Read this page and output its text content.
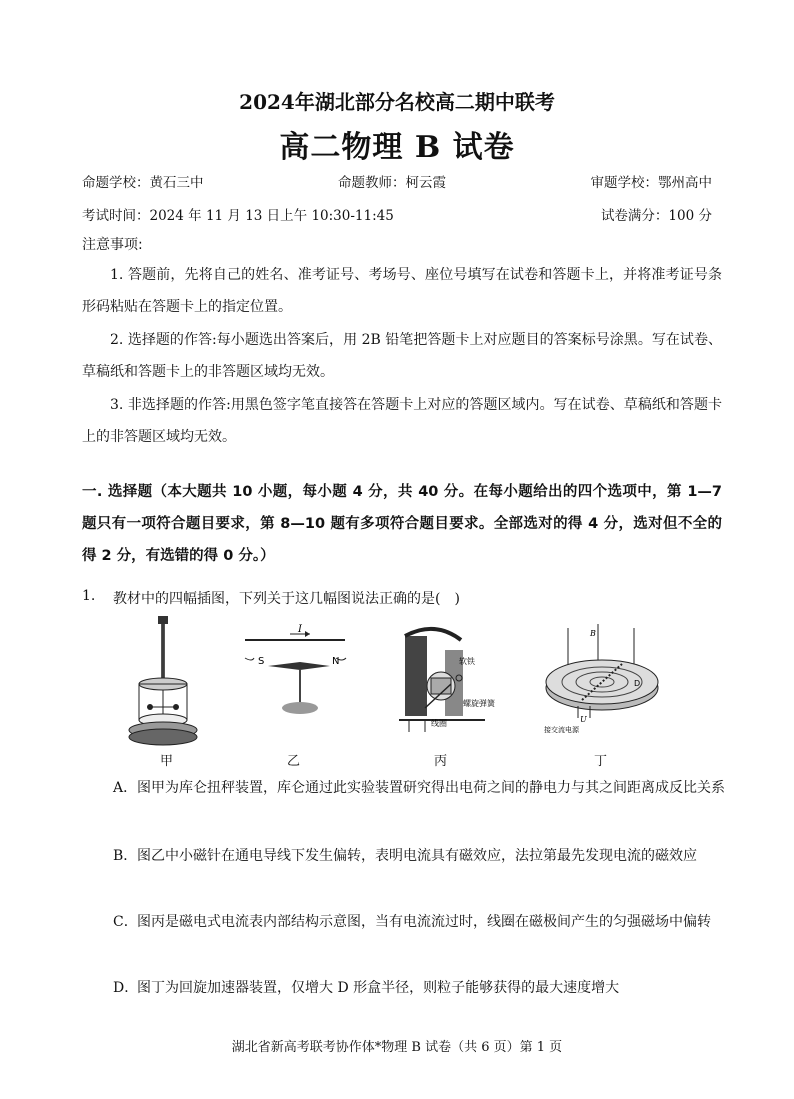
2024年湖北部分名校高二期中联考
高二物理 B 试卷
命题学校：黄石三中	命题教师：柯云霞	审题学校：鄂州高中
考试时间：2024 年 11 月 13 日上午 10:30-11:45	试卷满分：100 分
注意事项:
1. 答题前，先将自己的姓名、准考证号、考场号、座位号填写在试卷和答题卡上，并将准考证号条形码粘贴在答题卡上的指定位置。
2. 选择题的作答:每小题选出答案后，用 2B 铅笔把答题卡上对应题目的答案标号涂黑。写在试卷、草稿纸和答题卡上的非答题区域均无效。
3. 非选择题的作答:用黑色签字笔直接答在答题卡上对应的答题区域内。写在试卷、草稿纸和答题卡上的非答题区域均无效。
一. 选择题（本大题共 10 小题，每小题 4 分，共 40 分。在每小题给出的四个选项中，第 1—7 题只有一项符合题目要求，第 8—10 题有多项符合题目要求。全部选对的得 4 分，选对但不全的得 2 分，有选错的得 0 分。）
1. 教材中的四幅插图，下列关于这几幅图说法正确的是(　)
I
S	N	软铁
螺旋弹簧
线圈
B
D
U
接交流电源
甲	乙	丙	丁
A．图甲为库仑扭秤装置，库仑通过此实验装置研究得出电荷之间的静电力与其之间距离成反比关系
B．图乙中小磁针在通电导线下发生偏转，表明电流具有磁效应，法拉第最先发现电流的磁效应
C．图丙是磁电式电流表内部结构示意图，当有电流流过时，线圈在磁极间产生的匀强磁场中偏转
D．图丁为回旋加速器装置，仅增大 D 形盒半径，则粒子能够获得的最大速度增大
湖北省新高考联考协作体*物理 B 试卷（共 6 页）第 1 页
